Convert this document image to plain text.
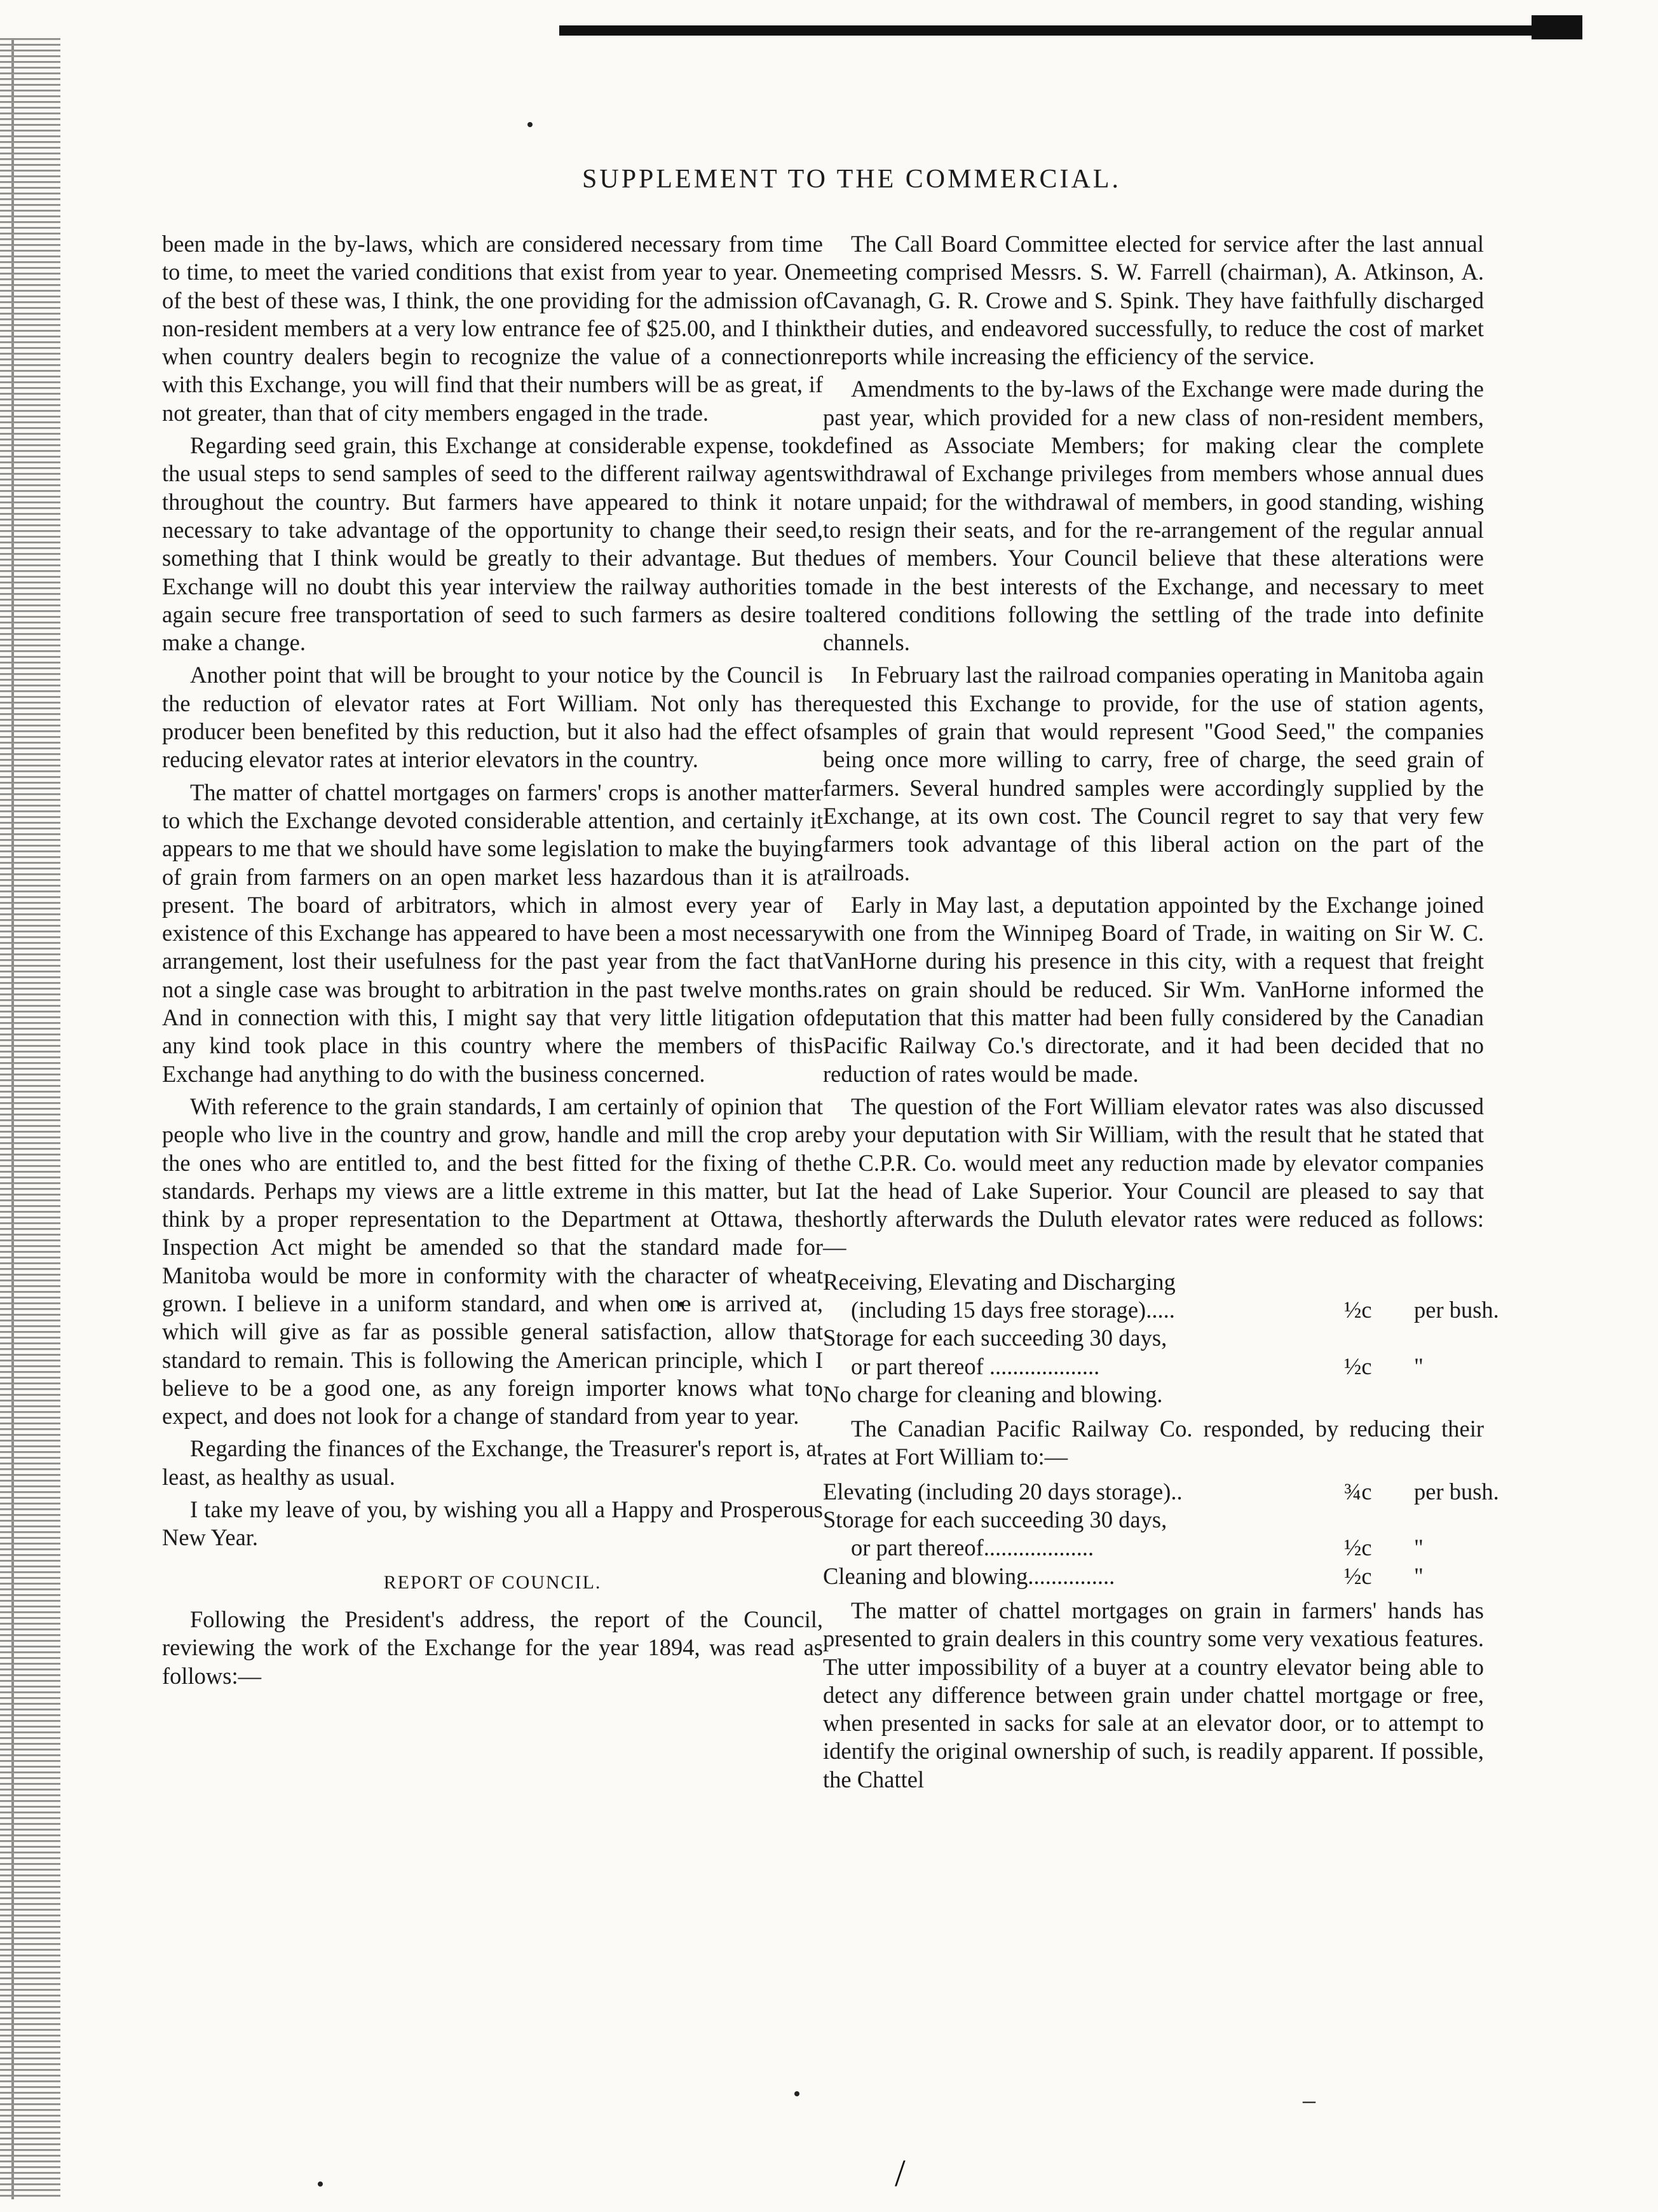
/
‒
SUPPLEMENT TO THE COMMERCIAL.

been made in the by-laws, which are considered necessary from time to time, to meet the varied conditions that exist from year to year. One of the best of these was, I think, the one providing for the admission of non-resident members at a very low entrance fee of $25.00, and I think when country dealers begin to recognize the value of a connection with this Exchange, you will find that their numbers will be as great, if not greater, than that of city members engaged in the trade.

Regarding seed grain, this Exchange at considerable expense, took the usual steps to send samples of seed to the different railway agents throughout the country. But farmers have appeared to think it not necessary to take advantage of the opportunity to change their seed, something that I think would be greatly to their advantage. But the Exchange will no doubt this year interview the railway authorities to again secure free transportation of seed to such farmers as desire to make a change.

Another point that will be brought to your notice by the Council is the reduction of elevator rates at Fort William. Not only has the producer been benefited by this reduction, but it also had the effect of reducing elevator rates at interior elevators in the country.

The matter of chattel mortgages on farmers' crops is another matter to which the Exchange devoted considerable attention, and certainly it appears to me that we should have some legislation to make the buying of grain from farmers on an open market less hazardous than it is at present. The board of arbitrators, which in almost every year of existence of this Exchange has appeared to have been a most necessary arrangement, lost their usefulness for the past year from the fact that not a single case was brought to arbitration in the past twelve months. And in connection with this, I might say that very little litigation of any kind took place in this country where the members of this Exchange had anything to do with the business concerned.

With reference to the grain standards, I am certainly of opinion that people who live in the country and grow, handle and mill the crop are the ones who are entitled to, and the best fitted for the fixing of the standards. Perhaps my views are a little extreme in this matter, but I think by a proper representation to the Department at Ottawa, the Inspection Act might be amended so that the standard made for Manitoba would be more in conformity with the character of wheat grown. I believe in a uniform standard, and when one is arrived at, which will give as far as possible general satisfaction, allow that standard to remain. This is following the American principle, which I believe to be a good one, as any foreign importer knows what to expect, and does not look for a change of standard from year to year.

Regarding the finances of the Exchange, the Treasurer's report is, at least, as healthy as usual.

I take my leave of you, by wishing you all a Happy and Prosperous New Year.

REPORT OF COUNCIL.

Following the President's address, the report of the Council, reviewing the work of the Exchange for the year 1894, was read as follows:—

The Call Board Committee elected for service after the last annual meeting comprised Messrs. S. W. Farrell (chairman), A. Atkinson, A. Cavanagh, G. R. Crowe and S. Spink. They have faithfully discharged their duties, and endeavored successfully, to reduce the cost of market reports while increasing the efficiency of the service.

Amendments to the by-laws of the Exchange were made during the past year, which provided for a new class of non-resident members, defined as Associate Members; for making clear the complete withdrawal of Exchange privileges from members whose annual dues are unpaid; for the withdrawal of members, in good standing, wishing to resign their seats, and for the re-arrangement of the regular annual dues of members. Your Council believe that these alterations were made in the best interests of the Exchange, and necessary to meet altered conditions following the settling of the trade into definite channels.

In February last the railroad companies operating in Manitoba again requested this Exchange to provide, for the use of station agents, samples of grain that would represent "Good Seed," the companies being once more willing to carry, free of charge, the seed grain of farmers. Several hundred samples were accordingly supplied by the Exchange, at its own cost. The Council regret to say that very few farmers took advantage of this liberal action on the part of the railroads.

Early in May last, a deputation appointed by the Exchange joined with one from the Winnipeg Board of Trade, in waiting on Sir W. C. VanHorne during his presence in this city, with a request that freight rates on grain should be reduced. Sir Wm. VanHorne informed the deputation that this matter had been fully considered by the Canadian Pacific Railway Co.'s directorate, and it had been decided that no reduction of rates would be made.

The question of the Fort William elevator rates was also discussed by your deputation with Sir William, with the result that he stated that the C.P.R. Co. would meet any reduction made by elevator companies at the head of Lake Superior. Your Council are pleased to say that shortly afterwards the Duluth elevator rates were reduced as follows:—

Receiving, Elevating and Discharging
(including 15 days free storage).....	½c	per bush.
Storage for each succeeding 30 days,
or part thereof ...................	½c	"
No charge for cleaning and blowing.

The Canadian Pacific Railway Co. responded, by reducing their rates at Fort William to:—

Elevating (including 20 days storage)..	¾c	per bush.
Storage for each succeeding 30 days,
or part thereof...................	½c	"
Cleaning and blowing...............	½c	"

The matter of chattel mortgages on grain in farmers' hands has presented to grain dealers in this country some very vexatious features. The utter impossibility of a buyer at a country elevator being able to detect any difference between grain under chattel mortgage or free, when presented in sacks for sale at an elevator door, or to attempt to identify the original ownership of such, is readily apparent. If possible, the Chattel
